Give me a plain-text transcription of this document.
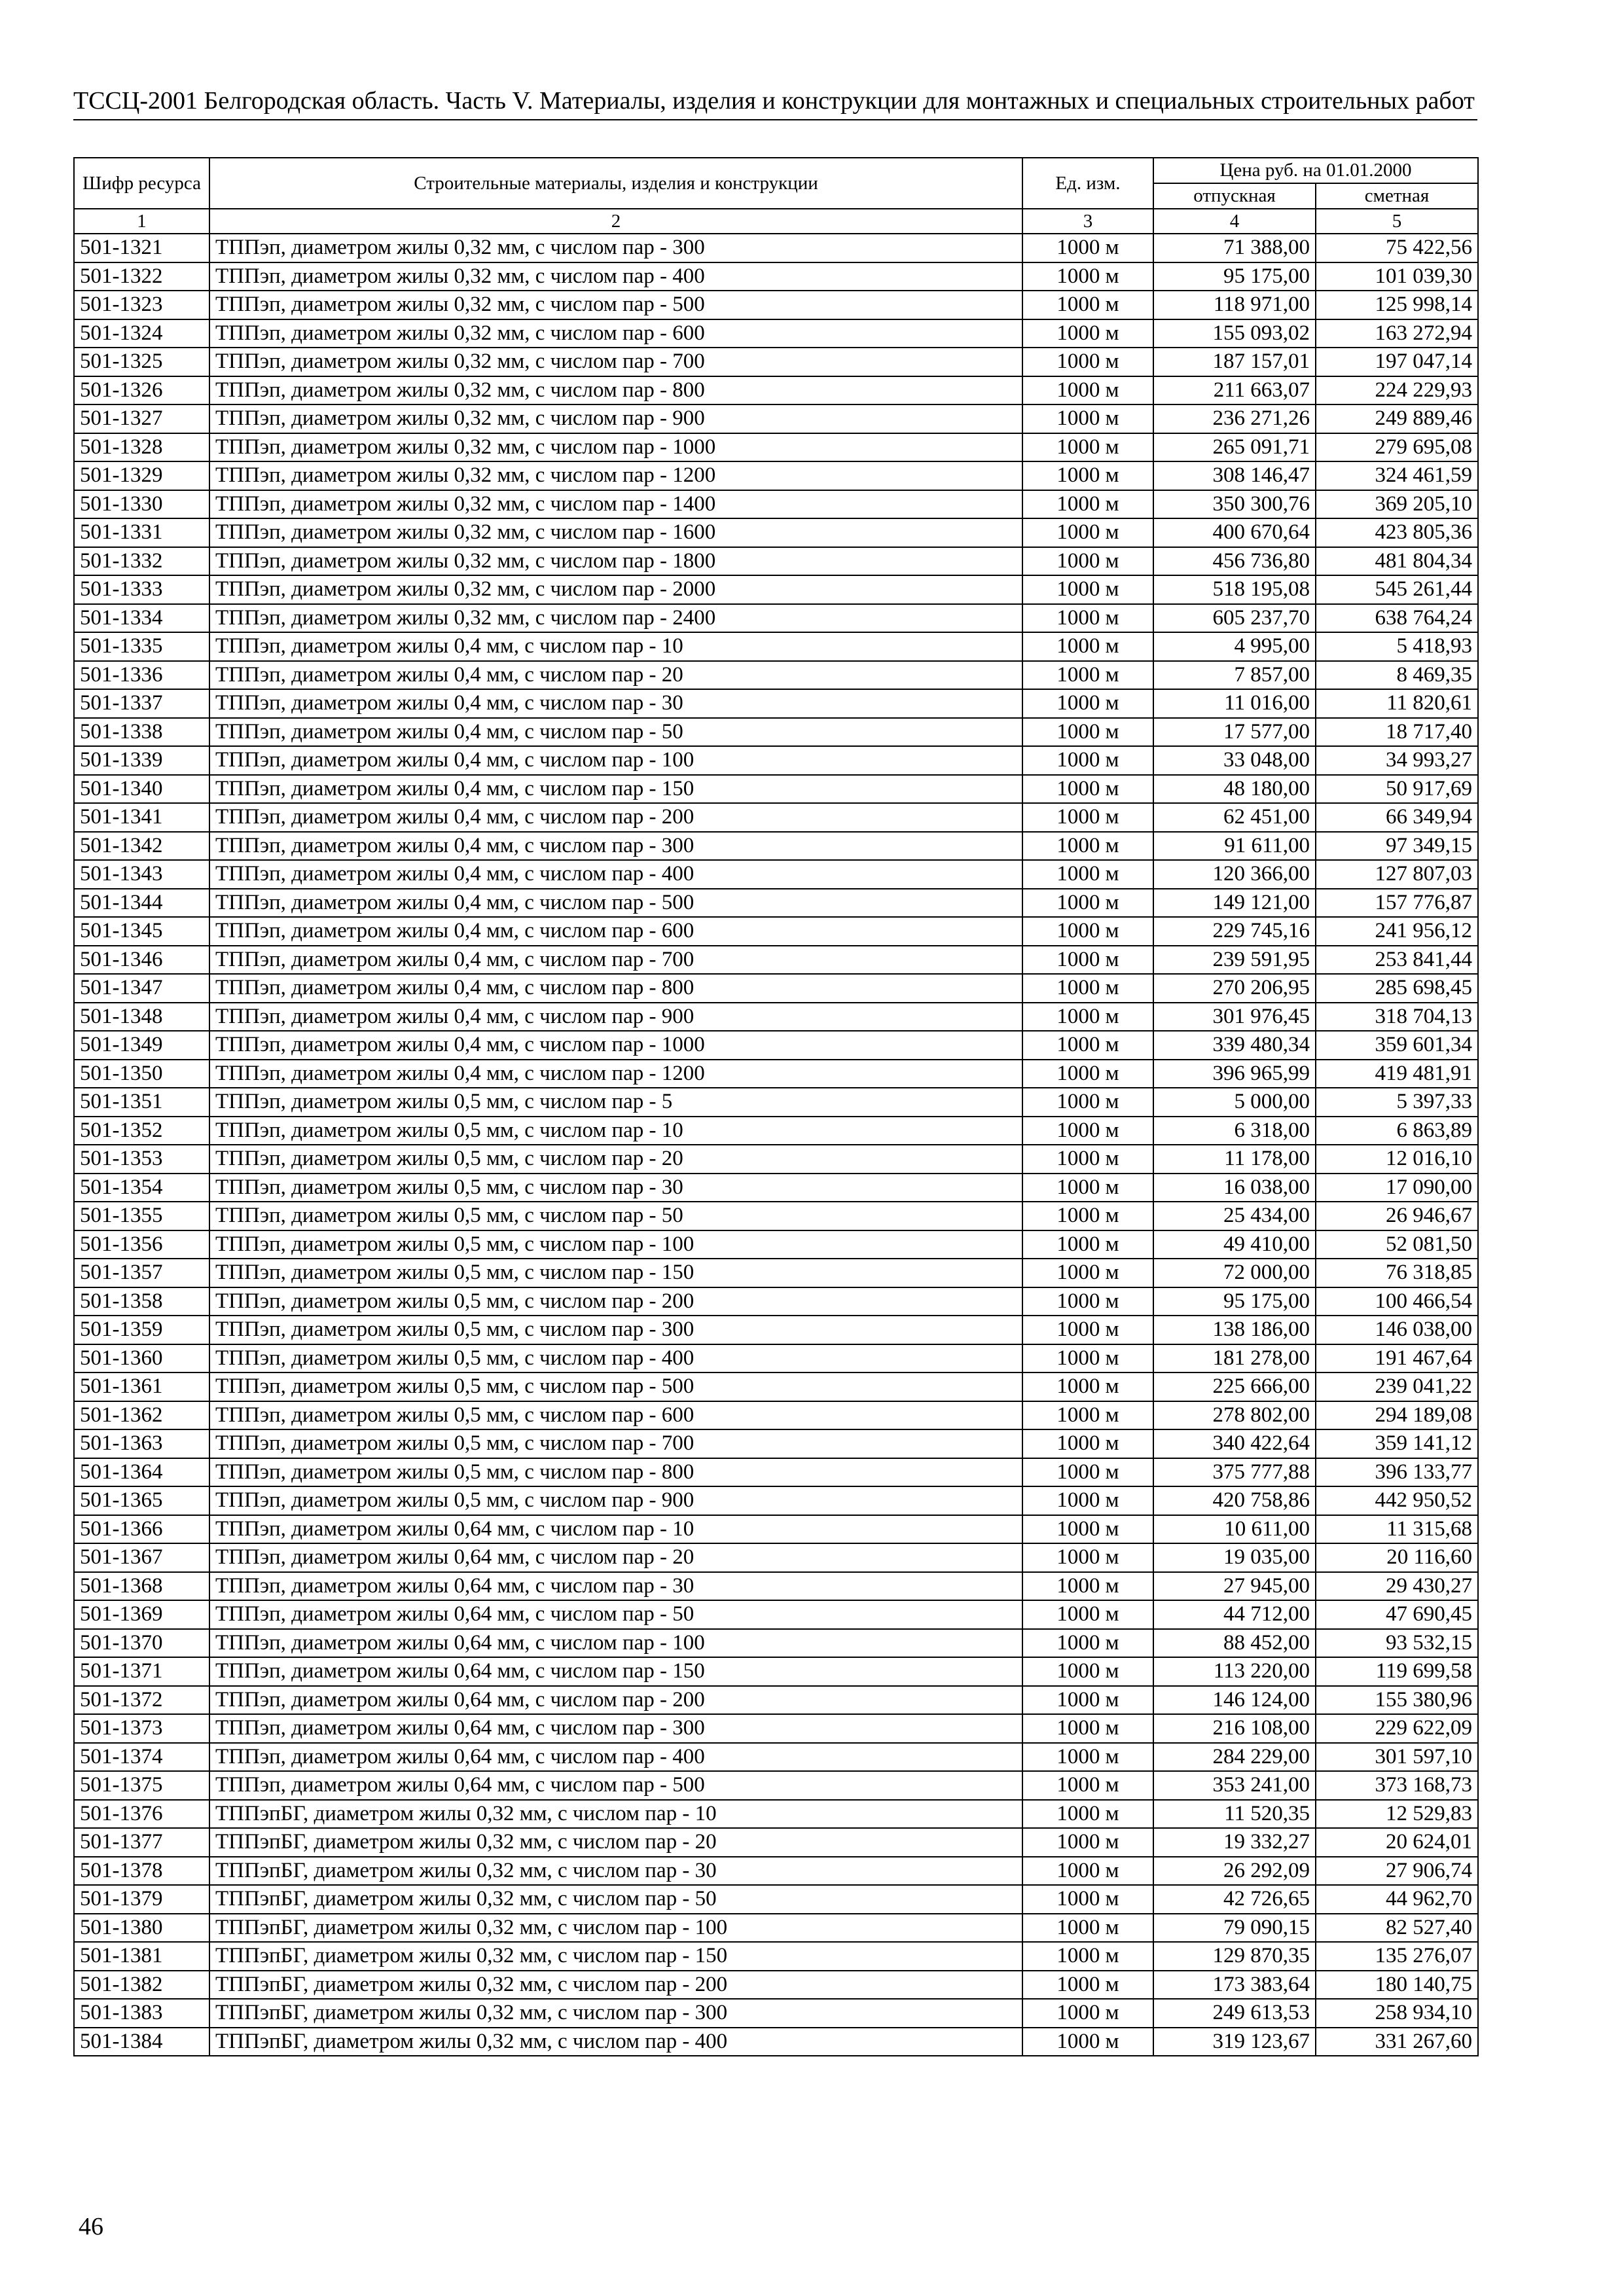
ТССЦ-2001 Белгородская область. Часть V. Материалы, изделия и конструкции для монтажных и специальных строительных работ
Шифр ресурса	Строительные материалы, изделия и конструкции	Ед. изм.	Цена руб. на 01.01.2000	
			отпускная	сметная
1	2	3	4	5
501-1321	ТППэп, диаметром жилы 0,32 мм, с числом пар - 300	1000 м	71 388,00	75 422,56
501-1322	ТППэп, диаметром жилы 0,32 мм, с числом пар - 400	1000 м	95 175,00	101 039,30
501-1323	ТППэп, диаметром жилы 0,32 мм, с числом пар - 500	1000 м	118 971,00	125 998,14
501-1324	ТППэп, диаметром жилы 0,32 мм, с числом пар - 600	1000 м	155 093,02	163 272,94
501-1325	ТППэп, диаметром жилы 0,32 мм, с числом пар - 700	1000 м	187 157,01	197 047,14
501-1326	ТППэп, диаметром жилы 0,32 мм, с числом пар - 800	1000 м	211 663,07	224 229,93
501-1327	ТППэп, диаметром жилы 0,32 мм, с числом пар - 900	1000 м	236 271,26	249 889,46
501-1328	ТППэп, диаметром жилы 0,32 мм, с числом пар - 1000	1000 м	265 091,71	279 695,08
501-1329	ТППэп, диаметром жилы 0,32 мм, с числом пар - 1200	1000 м	308 146,47	324 461,59
501-1330	ТППэп, диаметром жилы 0,32 мм, с числом пар - 1400	1000 м	350 300,76	369 205,10
501-1331	ТППэп, диаметром жилы 0,32 мм, с числом пар - 1600	1000 м	400 670,64	423 805,36
501-1332	ТППэп, диаметром жилы 0,32 мм, с числом пар - 1800	1000 м	456 736,80	481 804,34
501-1333	ТППэп, диаметром жилы 0,32 мм, с числом пар - 2000	1000 м	518 195,08	545 261,44
501-1334	ТППэп, диаметром жилы 0,32 мм, с числом пар - 2400	1000 м	605 237,70	638 764,24
501-1335	ТППэп, диаметром жилы 0,4 мм, с числом пар - 10	1000 м	4 995,00	5 418,93
501-1336	ТППэп, диаметром жилы 0,4 мм, с числом пар - 20	1000 м	7 857,00	8 469,35
501-1337	ТППэп, диаметром жилы 0,4 мм, с числом пар - 30	1000 м	11 016,00	11 820,61
501-1338	ТППэп, диаметром жилы 0,4 мм, с числом пар - 50	1000 м	17 577,00	18 717,40
501-1339	ТППэп, диаметром жилы 0,4 мм, с числом пар - 100	1000 м	33 048,00	34 993,27
501-1340	ТППэп, диаметром жилы 0,4 мм, с числом пар - 150	1000 м	48 180,00	50 917,69
501-1341	ТППэп, диаметром жилы 0,4 мм, с числом пар - 200	1000 м	62 451,00	66 349,94
501-1342	ТППэп, диаметром жилы 0,4 мм, с числом пар - 300	1000 м	91 611,00	97 349,15
501-1343	ТППэп, диаметром жилы 0,4 мм, с числом пар - 400	1000 м	120 366,00	127 807,03
501-1344	ТППэп, диаметром жилы 0,4 мм, с числом пар - 500	1000 м	149 121,00	157 776,87
501-1345	ТППэп, диаметром жилы 0,4 мм, с числом пар - 600	1000 м	229 745,16	241 956,12
501-1346	ТППэп, диаметром жилы 0,4 мм, с числом пар - 700	1000 м	239 591,95	253 841,44
501-1347	ТППэп, диаметром жилы 0,4 мм, с числом пар - 800	1000 м	270 206,95	285 698,45
501-1348	ТППэп, диаметром жилы 0,4 мм, с числом пар - 900	1000 м	301 976,45	318 704,13
501-1349	ТППэп, диаметром жилы 0,4 мм, с числом пар - 1000	1000 м	339 480,34	359 601,34
501-1350	ТППэп, диаметром жилы 0,4 мм, с числом пар - 1200	1000 м	396 965,99	419 481,91
501-1351	ТППэп, диаметром жилы 0,5 мм, с числом пар - 5	1000 м	5 000,00	5 397,33
501-1352	ТППэп, диаметром жилы 0,5 мм, с числом пар - 10	1000 м	6 318,00	6 863,89
501-1353	ТППэп, диаметром жилы 0,5 мм, с числом пар - 20	1000 м	11 178,00	12 016,10
501-1354	ТППэп, диаметром жилы 0,5 мм, с числом пар - 30	1000 м	16 038,00	17 090,00
501-1355	ТППэп, диаметром жилы 0,5 мм, с числом пар - 50	1000 м	25 434,00	26 946,67
501-1356	ТППэп, диаметром жилы 0,5 мм, с числом пар - 100	1000 м	49 410,00	52 081,50
501-1357	ТППэп, диаметром жилы 0,5 мм, с числом пар - 150	1000 м	72 000,00	76 318,85
501-1358	ТППэп, диаметром жилы 0,5 мм, с числом пар - 200	1000 м	95 175,00	100 466,54
501-1359	ТППэп, диаметром жилы 0,5 мм, с числом пар - 300	1000 м	138 186,00	146 038,00
501-1360	ТППэп, диаметром жилы 0,5 мм, с числом пар - 400	1000 м	181 278,00	191 467,64
501-1361	ТППэп, диаметром жилы 0,5 мм, с числом пар - 500	1000 м	225 666,00	239 041,22
501-1362	ТППэп, диаметром жилы 0,5 мм, с числом пар - 600	1000 м	278 802,00	294 189,08
501-1363	ТППэп, диаметром жилы 0,5 мм, с числом пар - 700	1000 м	340 422,64	359 141,12
501-1364	ТППэп, диаметром жилы 0,5 мм, с числом пар - 800	1000 м	375 777,88	396 133,77
501-1365	ТППэп, диаметром жилы 0,5 мм, с числом пар - 900	1000 м	420 758,86	442 950,52
501-1366	ТППэп, диаметром жилы 0,64 мм, с числом пар - 10	1000 м	10 611,00	11 315,68
501-1367	ТППэп, диаметром жилы 0,64 мм, с числом пар - 20	1000 м	19 035,00	20 116,60
501-1368	ТППэп, диаметром жилы 0,64 мм, с числом пар - 30	1000 м	27 945,00	29 430,27
501-1369	ТППэп, диаметром жилы 0,64 мм, с числом пар - 50	1000 м	44 712,00	47 690,45
501-1370	ТППэп, диаметром жилы 0,64 мм, с числом пар - 100	1000 м	88 452,00	93 532,15
501-1371	ТППэп, диаметром жилы 0,64 мм, с числом пар - 150	1000 м	113 220,00	119 699,58
501-1372	ТППэп, диаметром жилы 0,64 мм, с числом пар - 200	1000 м	146 124,00	155 380,96
501-1373	ТППэп, диаметром жилы 0,64 мм, с числом пар - 300	1000 м	216 108,00	229 622,09
501-1374	ТППэп, диаметром жилы 0,64 мм, с числом пар - 400	1000 м	284 229,00	301 597,10
501-1375	ТППэп, диаметром жилы 0,64 мм, с числом пар - 500	1000 м	353 241,00	373 168,73
501-1376	ТППэпБГ, диаметром жилы 0,32 мм, с числом пар - 10	1000 м	11 520,35	12 529,83
501-1377	ТППэпБГ, диаметром жилы 0,32 мм, с числом пар - 20	1000 м	19 332,27	20 624,01
501-1378	ТППэпБГ, диаметром жилы 0,32 мм, с числом пар - 30	1000 м	26 292,09	27 906,74
501-1379	ТППэпБГ, диаметром жилы 0,32 мм, с числом пар - 50	1000 м	42 726,65	44 962,70
501-1380	ТППэпБГ, диаметром жилы 0,32 мм, с числом пар - 100	1000 м	79 090,15	82 527,40
501-1381	ТППэпБГ, диаметром жилы 0,32 мм, с числом пар - 150	1000 м	129 870,35	135 276,07
501-1382	ТППэпБГ, диаметром жилы 0,32 мм, с числом пар - 200	1000 м	173 383,64	180 140,75
501-1383	ТППэпБГ, диаметром жилы 0,32 мм, с числом пар - 300	1000 м	249 613,53	258 934,10
501-1384	ТППэпБГ, диаметром жилы 0,32 мм, с числом пар - 400	1000 м	319 123,67	331 267,60
46
